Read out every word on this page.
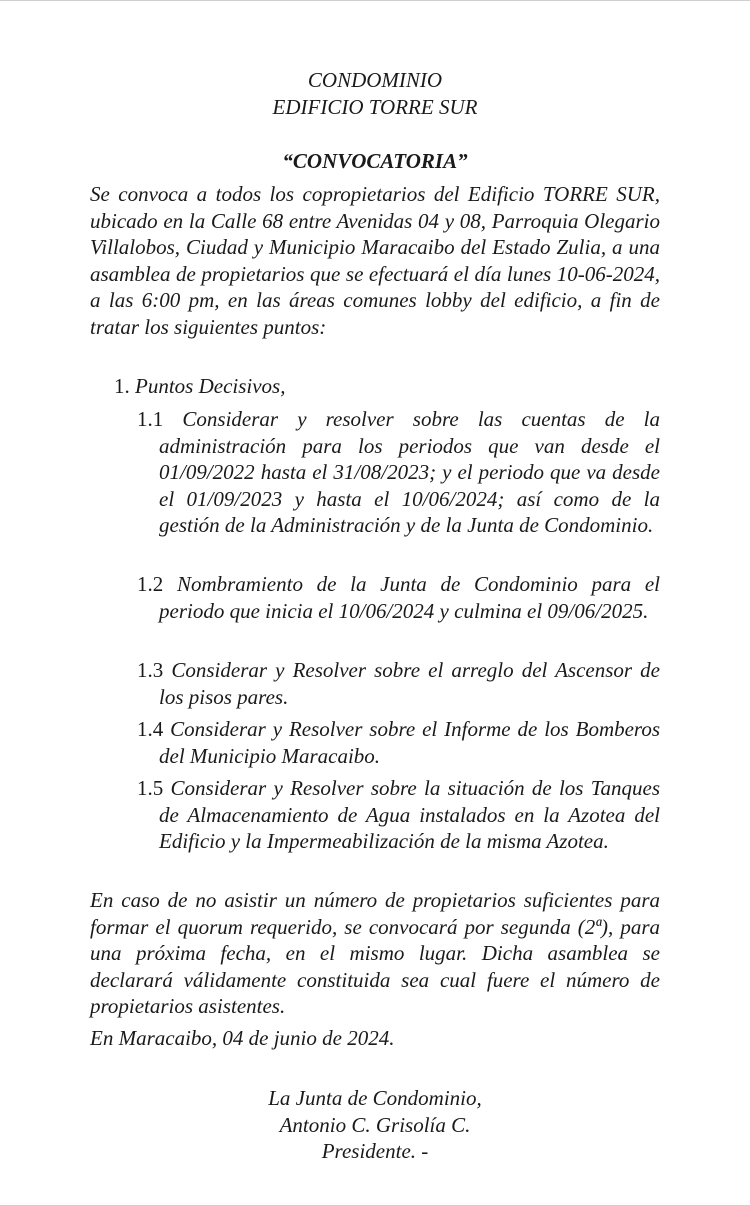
CONDOMINIO
EDIFICIO TORRE SUR
“CONVOCATORIA”
Se convoca a todos los copropietarios del Edificio TORRE SUR, ubicado en la Calle 68 entre Avenidas 04 y 08, Parroquia Olegario Villalobos, Ciudad y Municipio Maracaibo del Estado Zulia, a una asamblea de propietarios que se efectuará el día lunes 10-06-2024, a las 6:00 pm, en las áreas comunes lobby del edificio, a fin de tratar los siguientes puntos:
1. Puntos Decisivos,
1.1 Considerar y resolver sobre las cuentas de la administración para los periodos que van desde el 01/09/2022 hasta el 31/08/2023; y el periodo que va desde el 01/09/2023 y hasta el 10/06/2024; así como de la gestión de la Administración y de la Junta de Condominio.
1.2 Nombramiento de la Junta de Condominio para el periodo que inicia el 10/06/2024 y culmina el 09/06/2025.
1.3 Considerar y Resolver sobre el arreglo del Ascensor de los pisos pares.
1.4 Considerar y Resolver sobre el Informe de los Bomberos del Municipio Maracaibo.
1.5 Considerar y Resolver sobre la situación de los Tanques de Almacenamiento de Agua instalados en la Azotea del Edificio y la Impermeabilización de la misma Azotea.
En caso de no asistir un número de propietarios suficientes para formar el quorum requerido, se convocará por segunda (2ª), para una próxima fecha, en el mismo lugar. Dicha asamblea se declarará válidamente constituida sea cual fuere el número de propietarios asistentes.
En Maracaibo, 04 de junio de 2024.
La Junta de Condominio,
Antonio C. Grisolía C.
Presidente. -
